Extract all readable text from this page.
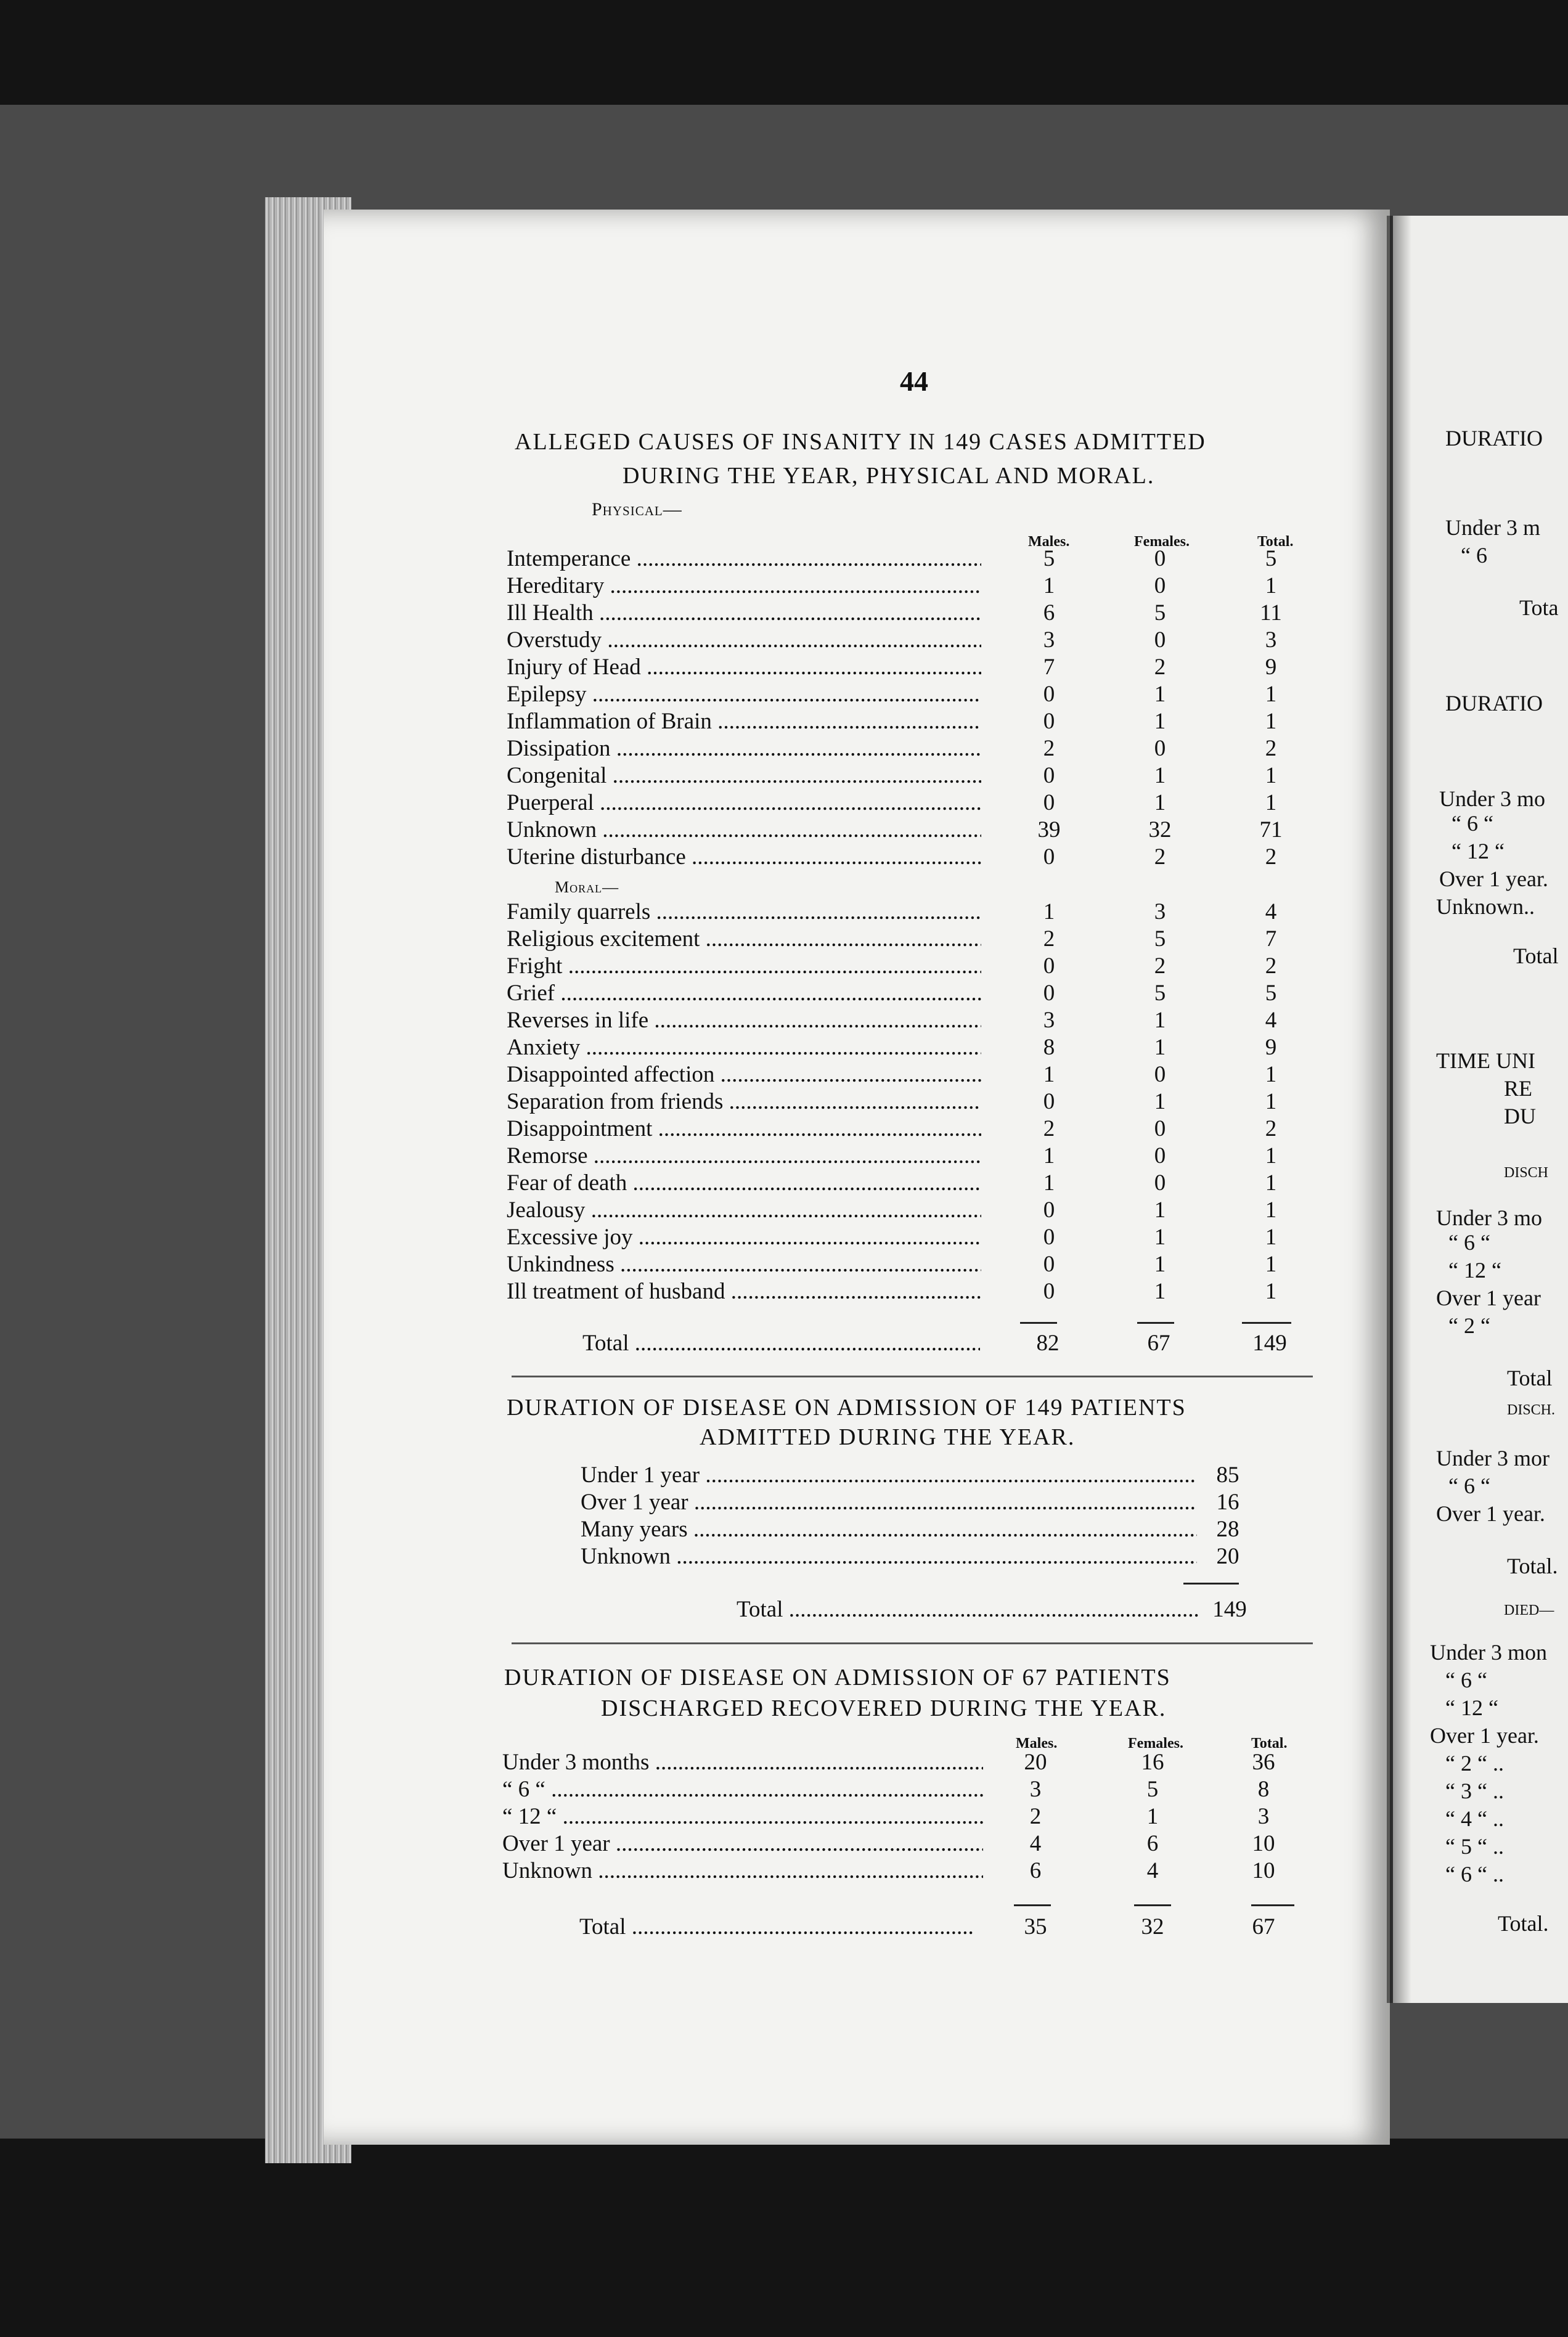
44
ALLEGED CAUSES OF INSANITY IN 149 CASES ADMITTED
DURING THE YEAR, PHYSICAL AND MORAL.
Physical—
Males.	Females.	Total.
Intemperance .....	5	0	5
Hereditary .....	1	0	1
Ill Health .....	6	5	11
Overstudy .....	3	0	3
Injury of Head .....	7	2	9
Epilepsy .....	0	1	1
Inflammation of Brain .....	0	1	1
Dissipation .....	2	0	2
Congenital .....	0	1	1
Puerperal .....	0	1	1
Unknown .....	39	32	71
Uterine disturbance .....	0	2	2
Moral—
Family quarrels .....	1	3	4
Religious excitement .....	2	5	7
Fright .....	0	2	2
Grief .....	0	5	5
Reverses in life .....	3	1	4
Anxiety .....	8	1	9
Disappointed affection .....	1	0	1
Separation from friends .....	0	1	1
Disappointment .....	2	0	2
Remorse .....	1	0	1
Fear of death .....	1	0	1
Jealousy .....	0	1	1
Excessive joy .....	0	1	1
Unkindness .....	0	1	1
Ill treatment of husband .....	0	1	1
Total .....	82	67	149
DURATION OF DISEASE ON ADMISSION OF 149 PATIENTS
ADMITTED DURING THE YEAR.
Under 1 year .....	85
Over 1 year .....	16
Many years .....	28
Unknown .....	20
Total .....	149
DURATION OF DISEASE ON ADMISSION OF 67 PATIENTS
DISCHARGED RECOVERED DURING THE YEAR.
Males.	Females.	Total.
Under 3 months .....	20	16	36
“ 6 “ .....	3	5	8
“ 12 “ .....	2	1	3
Over 1 year .....	4	6	10
Unknown .....	6	4	10
Total .....	35	32	67
DURATIO
Under 3 m
“ 6
Tota
DURATIO
Under 3 mo
“ 6 “
“ 12 “
Over 1 year.
Unknown..
Total
TIME UNI
RE
DU
DISCH
Under 3 mo
“ 6 “
“ 12 “
Over 1 year
“ 2 “
Total
DISCH.
Under 3 mor
“ 6 “
Over 1 year.
Total.
DIED—
Under 3 mon
“ 6 “
“ 12 “
Over 1 year.
“ 2 “ ..
“ 3 “ ..
“ 4 “ ..
“ 5 “ ..
“ 6 “ ..
Total.
